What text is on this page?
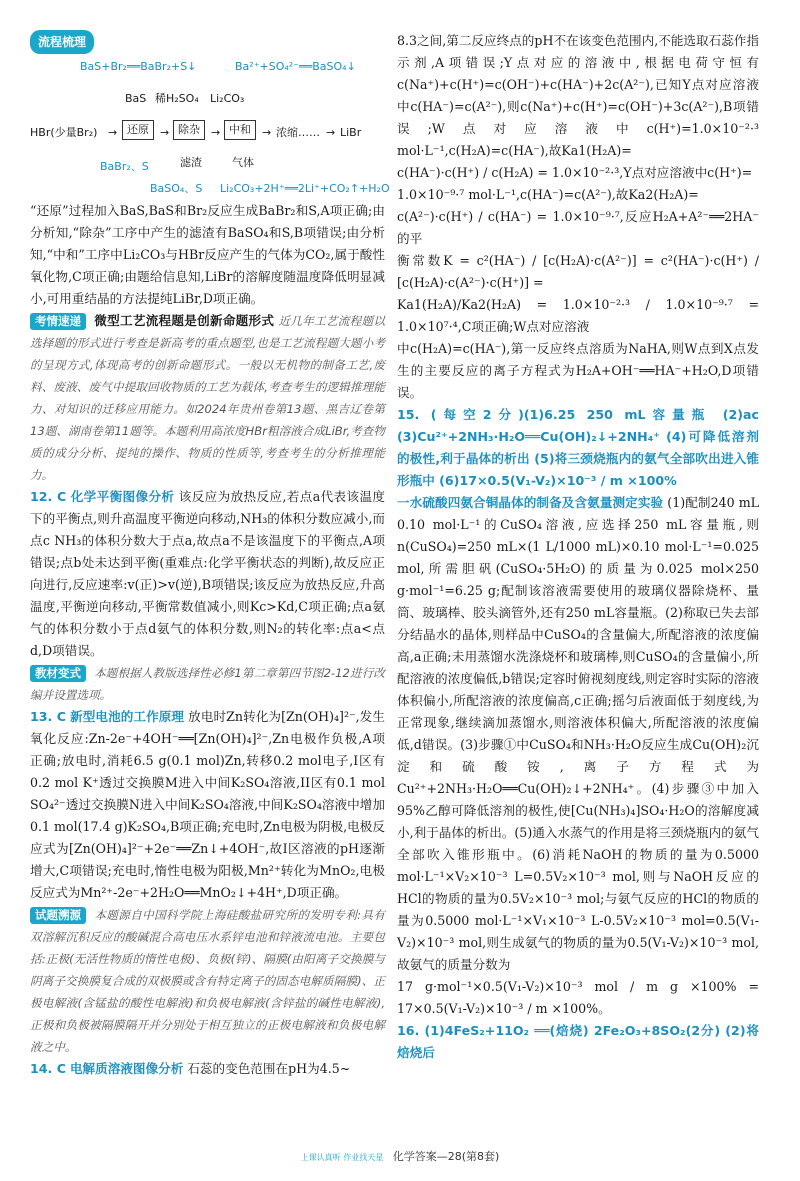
流程梳理
BaS+Br₂══BaBr₂+S↓	Ba²⁺+SO₄²⁻══BaSO₄↓
BaS 稀H₂SO₄ Li₂CO₃
HBr(少量Br₂) → 还原	→ 除杂	→ 中和	→ 浓缩…… → LiBr
BaBr₂、S	滤渣	气体
BaSO₄、S Li₂CO₃+2H⁺══2Li⁺+CO₂↑+H₂O

“还原”过程加入BaS,BaS和Br₂反应生成BaBr₂和S,A项正确;由分析知,“除杂”工序中产生的滤渣有BaSO₄和S,B项错误;由分析知,“中和”工序中Li₂CO₃与HBr反应产生的气体为CO₂,属于酸性氧化物,C项正确;由题给信息知,LiBr的溶解度随温度降低明显减小,可用重结晶的方法提纯LiBr,D项正确。

考情速递 微型工艺流程题是创新命题形式 近几年工艺流程题以选择题的形式进行考查是新高考的重点题型,也是工艺流程题大题小考的呈现方式,体现高考的创新命题形式。一般以无机物的制备工艺,废料、废液、废气中提取回收物质的工艺为载体,考查考生的逻辑推理能力、对知识的迁移应用能力。如2024年贵州卷第13题、黑吉辽卷第13题、湖南卷第11题等。本题利用高浓度HBr粗溶液合成LiBr,考查物质的成分分析、提纯的操作、物质的性质等,考查考生的分析推理能力。

12. C 化学平衡图像分析 该反应为放热反应,若点a代表该温度下的平衡点,则升高温度平衡逆向移动,NH₃的体积分数应减小,而点c NH₃的体积分数大于点a,故点a不是该温度下的平衡点,A项错误;点b处未达到平衡(重难点:化学平衡状态的判断),故反应正向进行,反应速率:v(正)>v(逆),B项错误;该反应为放热反应,升高温度,平衡逆向移动,平衡常数值减小,则Kc>Kd,C项正确;点a氨气的体积分数小于点d氨气的体积分数,则N₂的转化率:点a<点d,D项错误。

教材变式 本题根据人教版选择性必修1第二章第四节图2-12进行改编并设置选项。

13. C 新型电池的工作原理 放电时Zn转化为[Zn(OH)₄]²⁻,发生氧化反应:Zn-2e⁻+4OH⁻══[Zn(OH)₄]²⁻,Zn电极作负极,A项正确;放电时,消耗6.5 g(0.1 mol)Zn,转移0.2 mol电子,I区有0.2 mol K⁺透过交换膜M进入中间K₂SO₄溶液,II区有0.1 mol SO₄²⁻透过交换膜N进入中间K₂SO₄溶液,中间K₂SO₄溶液中增加0.1 mol(17.4 g)K₂SO₄,B项正确;充电时,Zn电极为阴极,电极反应式为[Zn(OH)₄]²⁻+2e⁻══Zn↓+4OH⁻,故I区溶液的pH逐渐增大,C项错误;充电时,惰性电极为阳极,Mn²⁺转化为MnO₂,电极反应式为Mn²⁺-2e⁻+2H₂O══MnO₂↓+4H⁺,D项正确。

试题溯源 本题源自中国科学院上海硅酸盐研究所的发明专利:具有双溶解沉积反应的酸碱混合高电压水系锌电池和锌液流电池。主要包括:正极(无活性物质的惰性电极)、负极(锌)、隔膜(由阳离子交换膜与阴离子交换膜复合成的双极膜或含有特定离子的固态电解质隔膜)、正极电解液(含锰盐的酸性电解液)和负极电解液(含锌盐的碱性电解液),正极和负极被隔膜隔开并分别处于相互独立的正极电解液和负极电解液之中。

14. C 电解质溶液图像分析 石蕊的变色范围在pH为4.5~

8.3之间,第二反应终点的pH不在该变色范围内,不能选取石蕊作指示剂,A项错误;Y点对应的溶液中,根据电荷守恒有c(Na⁺)+c(H⁺)=c(OH⁻)+c(HA⁻)+2c(A²⁻),已知Y点对应溶液中c(HA⁻)=c(A²⁻),则c(Na⁺)+c(H⁺)=c(OH⁻)+3c(A²⁻),B项错误;W点对应溶液中c(H⁺)=1.0×10⁻²·³ mol·L⁻¹,c(H₂A)=c(HA⁻),故Ka1(H₂A)=

c(HA⁻)·c(H⁺) / c(H₂A) = 1.0×10⁻²·³,Y点对应溶液中c(H⁺)=

1.0×10⁻⁹·⁷ mol·L⁻¹,c(HA⁻)=c(A²⁻),故Ka2(H₂A)=

c(A²⁻)·c(H⁺) / c(HA⁻) = 1.0×10⁻⁹·⁷,反应H₂A+A²⁻══2HA⁻的平

衡常数K = c²(HA⁻) / [c(H₂A)·c(A²⁻)] = c²(HA⁻)·c(H⁺) / [c(H₂A)·c(A²⁻)·c(H⁺)] =

Ka1(H₂A)/Ka2(H₂A) = 1.0×10⁻²·³ / 1.0×10⁻⁹·⁷ = 1.0×10⁷·⁴,C项正确;W点对应溶液

中c(H₂A)=c(HA⁻),第一反应终点溶质为NaHA,则W点到X点发生的主要反应的离子方程式为H₂A+OH⁻══HA⁻+H₂O,D项错误。

15. (每空2分)(1)6.25 250 mL容量瓶 (2)ac (3)Cu²⁺+2NH₃·H₂O══Cu(OH)₂↓+2NH₄⁺ (4)可降低溶剂的极性,利于晶体的析出 (5)将三颈烧瓶内的氨气全部吹出进入锥形瓶中 (6)17×0.5(V₁-V₂)×10⁻³ / m ×100%

一水硫酸四氨合铜晶体的制备及含氨量测定实验 (1)配制240 mL 0.10 mol·L⁻¹的CuSO₄溶液,应选择250 mL容量瓶,则n(CuSO₄)=250 mL×(1 L/1000 mL)×0.10 mol·L⁻¹=0.025 mol,所需胆矾(CuSO₄·5H₂O)的质量为0.025 mol×250 g·mol⁻¹=6.25 g;配制该溶液需要使用的玻璃仪器除烧杯、量筒、玻璃棒、胶头滴管外,还有250 mL容量瓶。(2)称取已失去部分结晶水的晶体,则样品中CuSO₄的含量偏大,所配溶液的浓度偏高,a正确;未用蒸馏水洗涤烧杯和玻璃棒,则CuSO₄的含量偏小,所配溶液的浓度偏低,b错误;定容时俯视刻度线,则定容时实际的溶液体积偏小,所配溶液的浓度偏高,c正确;摇匀后液面低于刻度线,为正常现象,继续滴加蒸馏水,则溶液体积偏大,所配溶液的浓度偏低,d错误。(3)步骤①中CuSO₄和NH₃·H₂O反应生成Cu(OH)₂沉淀和硫酸铵,离子方程式为Cu²⁺+2NH₃·H₂O══Cu(OH)₂↓+2NH₄⁺。(4)步骤③中加入95%乙醇可降低溶剂的极性,使[Cu(NH₃)₄]SO₄·H₂O的溶解度减小,利于晶体的析出。(5)通入水蒸气的作用是将三颈烧瓶内的氨气全部吹入锥形瓶中。(6)消耗NaOH的物质的量为0.5000 mol·L⁻¹×V₂×10⁻³ L=0.5V₂×10⁻³ mol,则与NaOH反应的HCl的物质的量为0.5V₂×10⁻³ mol;与氨气反应的HCl的物质的量为0.5000 mol·L⁻¹×V₁×10⁻³ L-0.5V₂×10⁻³ mol=0.5(V₁-V₂)×10⁻³ mol,则生成氨气的物质的量为0.5(V₁-V₂)×10⁻³ mol,故氨气的质量分数为

17 g·mol⁻¹×0.5(V₁-V₂)×10⁻³ mol / m g ×100% = 17×0.5(V₁-V₂)×10⁻³ / m ×100%。

16. (1)4FeS₂+11O₂ ══(焙烧) 2Fe₂O₃+8SO₂(2分) (2)将焙烧后

上课认真听 作业找天星 化学答案—28(第8套)
